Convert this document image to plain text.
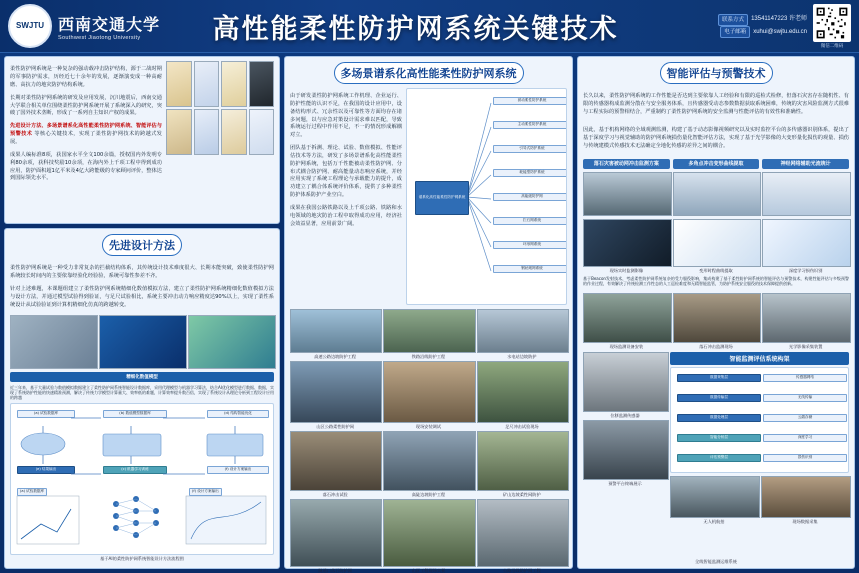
SWJTU 西南交通大学
Southwest Jiaotong University	高性能柔性防护网系统关键技术	联系方式	13541147223 许老师
电子邮箱	xuhui@swjtu.edu.cn
微信二维码

柔性防护网系统是一种复杂的强动载冲击防护结构，源于二战时期的军事防护需求，历经近七十余年的发展，逐渐演变成一种高耐磨、高抗力的地灾防护结构系统。

长期对柔性防护网系统的研发及应用发展，沉川地震后，西南交通大学联合相关单位围绕柔性防护网系统开展了系统深入的研究，突破了国外技术垄断，形成了一系列自主知识产权的成果。

先进设计方法、多场景谱系化高性能柔性防护网系统、智能评估与预警技术 等核心关键技术，实现了柔性防护网技术的跨越式发展。

成果人编标准8项，获国家水平全文100余篇，授权国内外发明专利80余项，获科技奖励10余项，在海内外上千项工程中得到成功应用，防护面积超1亿平米及4亿大跨能级的专家顾问评价，整体达到国际领先水平。

先进设计方法

柔性防护网系统是一种受力非常复杂的拦截结构体系，其传统设计技术难度很大、长期本能突破，致使柔性防护网系统较长时间内的主要依靠经验化经验验，系统可靠性参差不齐。

针对上述难题，本课题组建立了柔性防护网系统精细化数值模拟方法，建立了柔性防护网系统精细化数值模拟方法与设计方法，并通过模型试验得到验证，与足尺试验相比，系统主要冲击动力响应精度达90%以上，实现了柔性系统设计从试验验证到计算机精细化仿真的跨越转变。

精细化数值模型

近三年来，基于大量试验与数值模拟数据建立了柔性防护网系统智能设计数据库，采用代理模型与机器学习算法，结合AI优化模型进行数据、数据，实现了系统防护性能的快速精准预测，解决了传统力学模型计算量大、效率低的难题，计算效率提升数百倍，实现了系统设计从理论分析到工程设计应用的跨越

(a) 试验数据库	(b) 数值模型数据库	(d) 结构智能优化
(e) 结果输出	(c) 机器学习训练	(f) 设计方案输出
(a) 试验数据库	(f) 设计方案输出
基于AI的柔性防护网系统智能设计方法流程图
多场景谱系化高性能柔性防护网系统

由于研发柔性防护网系统工作机理、企业运行、防护性能的认识不足，在我国的设计应用中，设备结构形式、冗余性以及可靠性等方面均存在诸多问题，以与应急对策设计需求难以匹配，导致系统运行过程中作用不足，不一的情况形成解耦对立。

团队基于拆测、理论、试验、数值模拟、性能评估技术等方法，研发了多场景谱系化高性能柔性防护网系统，包括万千性能被动柔性防护网、分布式耦合防护网、耐高能量动态响应系统，并经应用实现了系统工程理论与承载能力的提升，成功建立了耦合体系统评价体系，提供了多种柔性防护体系防护产业空白。

成果在我国公路铁路以及上千项公路、铁路和水电领域的地灾防治工程中取得成功应用，经济社会效益显著，应用前景广阔。

谱系化高性能柔性防护网系统
被动柔性防护系统
主动柔性防护系统
引导式防护系统
耗能型防护系统
高能级防护网
拦石网系统
环形网系统
钢丝绳网系统
高速公路边坡防护工程	铁路沿线防护工程	水电站边坡防护
山区公路柔性防护网	现场安装调试	足尺冲击试验现场
落石冲击试验	高陡边坡防护工程	矿山边坡柔性网防护
隧道口落石防护网	山区工程现场实景	公路沿线防护网工程
智能评估与预警技术

长久以来，柔性防护网系统的工作性能是否达到主要依靠人工经验和有限的巡检式检修，但落石灾害存在随机性、有限的传感器构成监测分散在与安全服务体系，且传感器受动态参数数据获取系统困难，传统的灾害风险监测方式很难与工程实际的预警相结合，严重制约了柔性防护网系统的安全监测与性能评估的有效性和准确性。

因此，基于机构网络的全域观测监测，构建了基于动态影像视频研究以及实时监控平台的多传感器识别体系，提出了基于深度学习与视觉辅助的防护网系统损伤量化智能评估方法，实现了基于光学影像的大变形量化损伤的观量、损伤与传统建模式传感技术无法确定全地化传感的差异之间的耦合。

落石灾害被动网冲击监测方案	多角点冲击变形曲线提取	神经网络辅助光流统计
现场实时监测影像	变形时程曲线提取	深度学习损伤识别

基于Beacon发射技术，考虑柔性防护网系统复杂的受力服役影响，集成构建了基于柔性防护网系统的智能评估与预警技术，构建性能评估与多级预警的作业过程，有效解决了传统检测工作性态的人工巡检难度和无精智能监管，为防护系统安全服役的技术保障提供创新。

现场监测设备安装	落石冲击监测现场	光学影像采集装置
位移监测传感器
预警平台终端展示
智能监测评估系统构架
数据采集层	传感器网络
数据传输层	无线传输
数据处理层	云端存储
智能分析层	深度学习
评估预警层	损伤识别
无人机航拍	现场数据采集
全线智能监测运维系统
